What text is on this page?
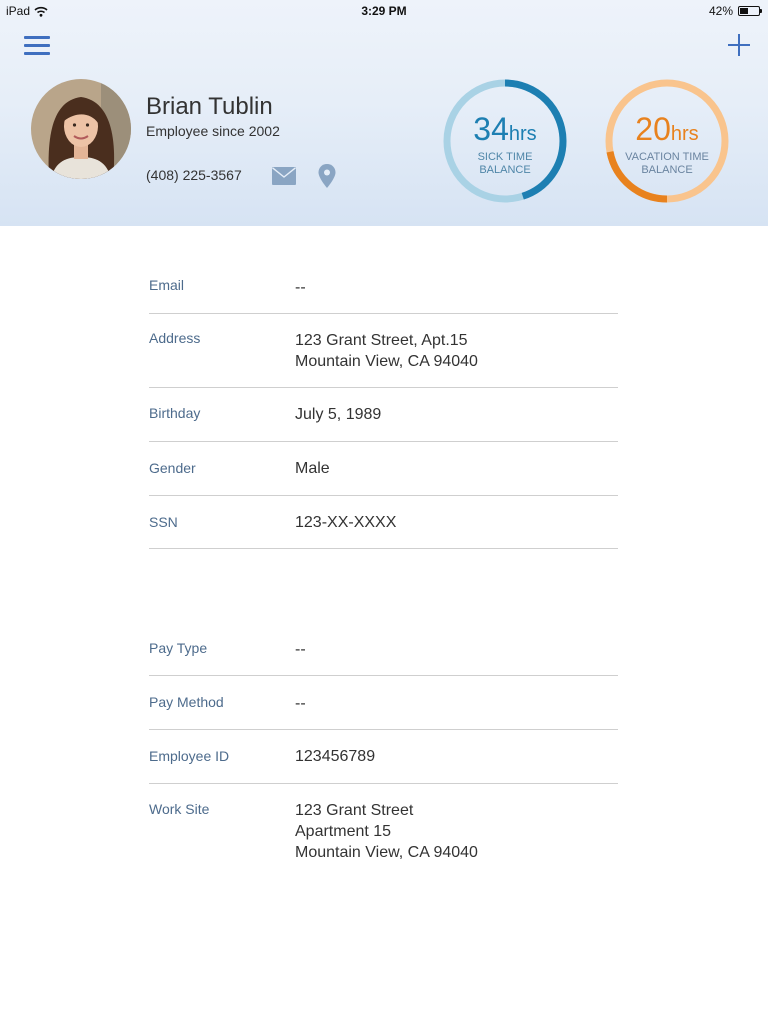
iPad	3:29 PM	42%
Brian Tublin
Employee since 2002
(408) 225-3567
34hrs
SICK TIME BALANCE
20hrs
VACATION TIME BALANCE
Email	--
Address	123 Grant Street, Apt.15
Mountain View, CA 94040
Birthday	July 5, 1989
Gender	Male
SSN	123-XX-XXXX
Pay Type	--
Pay Method	--
Employee ID	123456789
Work Site	123 Grant Street
Apartment 15
Mountain View, CA 94040
